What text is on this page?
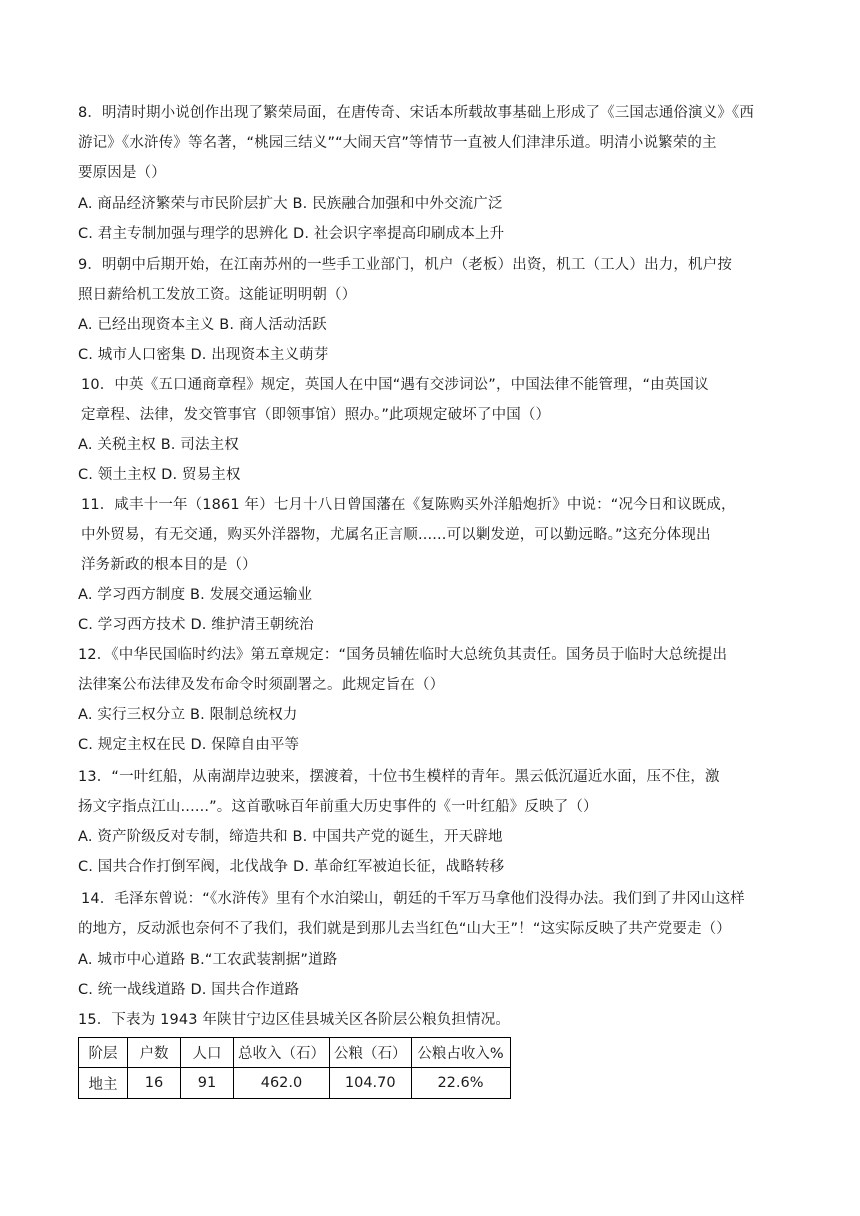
8．明清时期小说创作出现了繁荣局面，在唐传奇、宋话本所载故事基础上形成了《三国志通俗演义》《西
游记》《水浒传》等名著，“桃园三结义”“大闹天宫”等情节一直被人们津津乐道。明清小说繁荣的主
要原因是（）
A. 商品经济繁荣与市民阶层扩大 B. 民族融合加强和中外交流广泛
C. 君主专制加强与理学的思辨化 D. 社会识字率提高印刷成本上升
9．明朝中后期开始，在江南苏州的一些手工业部门，机户（老板）出资，机工（工人）出力，机户按
照日薪给机工发放工资。这能证明明朝（）
A. 已经出现资本主义 B. 商人活动活跃
C. 城市人口密集 D. 出现资本主义萌芽
10．中英《五口通商章程》规定，英国人在中国“遇有交涉词讼”，中国法律不能管理，“由英国议
定章程、法律，发交管事官（即领事馆）照办。”此项规定破坏了中国（）
A. 关税主权 B. 司法主权
C. 领土主权 D. 贸易主权
11．咸丰十一年（1861 年）七月十八日曾国藩在《复陈购买外洋船炮折》中说：“况今日和议既成，
中外贸易，有无交通，购买外洋器物，尤属名正言顺......可以剿发逆，可以勤远略。”这充分体现出
洋务新政的根本目的是（）
A. 学习西方制度 B. 发展交通运输业
C. 学习西方技术 D. 维护清王朝统治
12．《中华民国临时约法》第五章规定：“国务员辅佐临时大总统负其责任。国务员于临时大总统提出
法律案公布法律及发布命令时须副署之。此规定旨在（）
A. 实行三权分立 B. 限制总统权力
C. 规定主权在民 D. 保障自由平等
13．“一叶红船，从南湖岸边驶来，摆渡着，十位书生模样的青年。黑云低沉逼近水面，压不住，激
扬文字指点江山......”。这首歌咏百年前重大历史事件的《一叶红船》反映了（）
A. 资产阶级反对专制，缔造共和 B. 中国共产党的诞生，开天辟地
C. 国共合作打倒军阀，北伐战争 D. 革命红军被迫长征，战略转移
14．毛泽东曾说：“《水浒传》里有个水泊梁山，朝廷的千军万马拿他们没得办法。我们到了井冈山这样
的地方，反动派也奈何不了我们，我们就是到那儿去当红色“山大王”！“这实际反映了共产党要走（）
A. 城市中心道路 B.“工农武装割据”道路
C. 统一战线道路 D. 国共合作道路
15．下表为 1943 年陕甘宁边区佳县城关区各阶层公粮负担情况。
阶层	户数	人口	总收入（石）	公粮（石）	公粮占收入%
地主	16	91	462.0	104.70	22.6%
